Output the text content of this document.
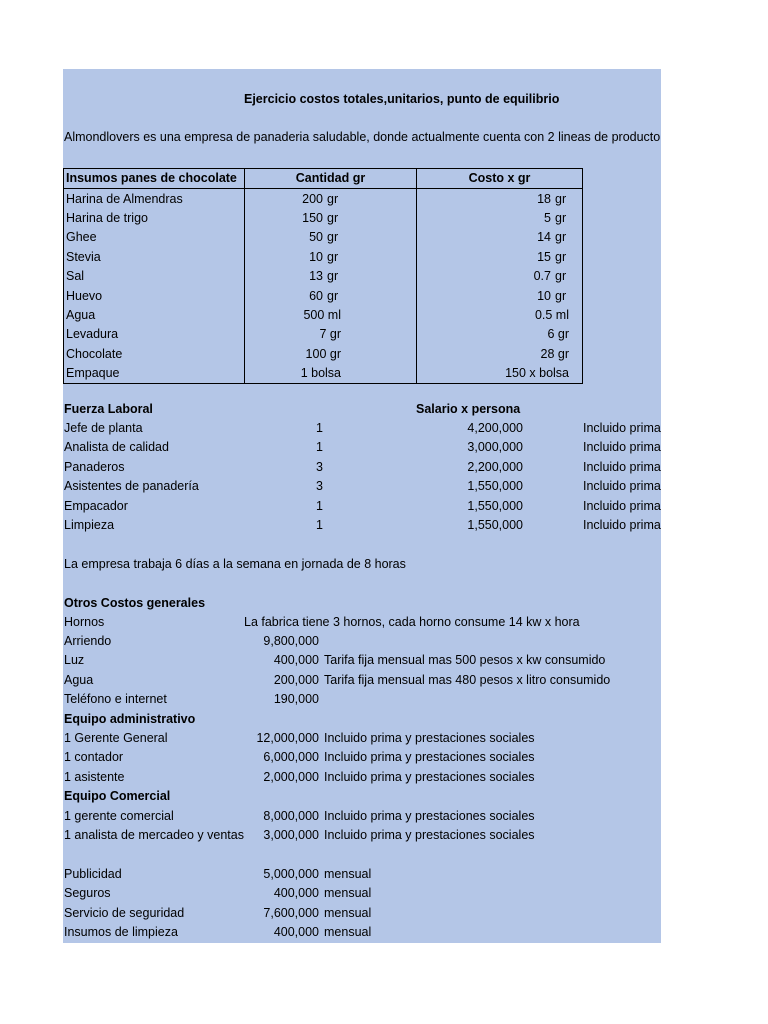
Ejercicio costos totales,unitarios, punto de equilibrio
Almondlovers es una empresa de panaderia saludable, donde actualmente cuenta con 2 lineas de producto
Insumos panes de chocolate	Cantidad gr	Costo x gr
Harina de Almendras	200 gr	18 gr
Harina de trigo	150 gr	5 gr
Ghee	50 gr	14 gr
Stevia	10 gr	15 gr
Sal	13 gr	0.7 gr
Huevo	60 gr	10 gr
Agua	500 ml	0.5 ml
Levadura	7 gr	6 gr
Chocolate	100 gr	28 gr
Empaque	1 bolsa	150 x bolsa
Fuerza Laboral	Salario x persona
Jefe de planta	1	4,200,000	Incluido prima
Analista de calidad	1	3,000,000	Incluido prima
Panaderos	3	2,200,000	Incluido prima
Asistentes de panadería	3	1,550,000	Incluido prima
Empacador	1	1,550,000	Incluido prima
Limpieza	1	1,550,000	Incluido prima
La empresa trabaja 6 días a la semana en jornada de 8 horas
Otros Costos generales
Hornos	La fabrica tiene 3 hornos, cada horno consume 14 kw x hora
Arriendo	9,800,000
Luz	400,000 Tarifa fija mensual mas 500 pesos x kw consumido
Agua	200,000 Tarifa fija mensual mas 480 pesos x litro consumido
Teléfono e internet	190,000
Equipo administrativo
1 Gerente General	12,000,000 Incluido prima y prestaciones sociales
1 contador	6,000,000 Incluido prima y prestaciones sociales
1 asistente	2,000,000 Incluido prima y prestaciones sociales
Equipo Comercial
1 gerente comercial	8,000,000 Incluido prima y prestaciones sociales
1 analista de mercadeo y ventas	3,000,000 Incluido prima y prestaciones sociales
Publicidad	5,000,000 mensual
Seguros	400,000 mensual
Servicio de seguridad	7,600,000 mensual
Insumos de limpieza	400,000 mensual
